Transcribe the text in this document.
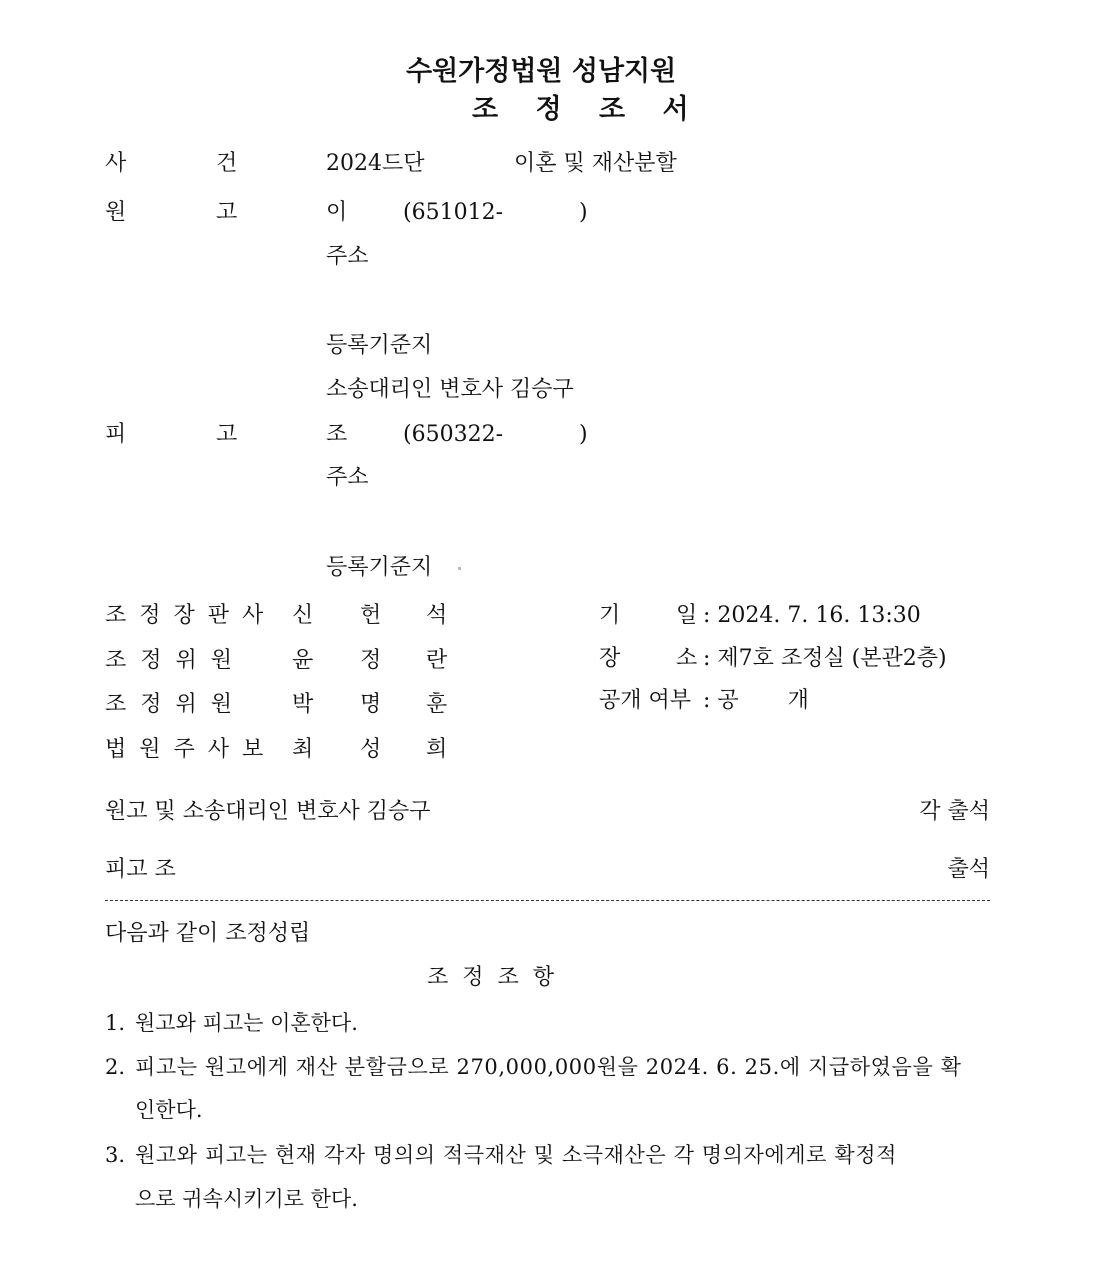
수원가정법원 성남지원
조 정 조 서
사	건	2024드단	이혼 및 재산분할
원	고	이	(651012-	)
주소
등록기준지
소송대리인 변호사 김승구
피	고	조	(650322-	)
주소
등록기준지
조 정 장 판 사 신 헌 석
조  정  위  원	윤 정 란
조  정  위  원	박 명 훈
법 원 주 사 보 최 성 희
기	일 : 2024. 7. 16. 13:30
장	소 : 제7호 조정실 (본관2층)
공개 여부 : 공       개
원고 및 소송대리인 변호사 김승구	각 출석
피고 조	출석
다음과 같이 조정성립
조  정  조  항
1. 원고와 피고는 이혼한다.
2. 피고는 원고에게 재산 분할금으로 270,000,000원을 2024. 6. 25.에 지급하였음을 확
인한다.
3. 원고와 피고는 현재 각자 명의의 적극재산 및 소극재산은 각 명의자에게로 확정적
으로 귀속시키기로 한다.
